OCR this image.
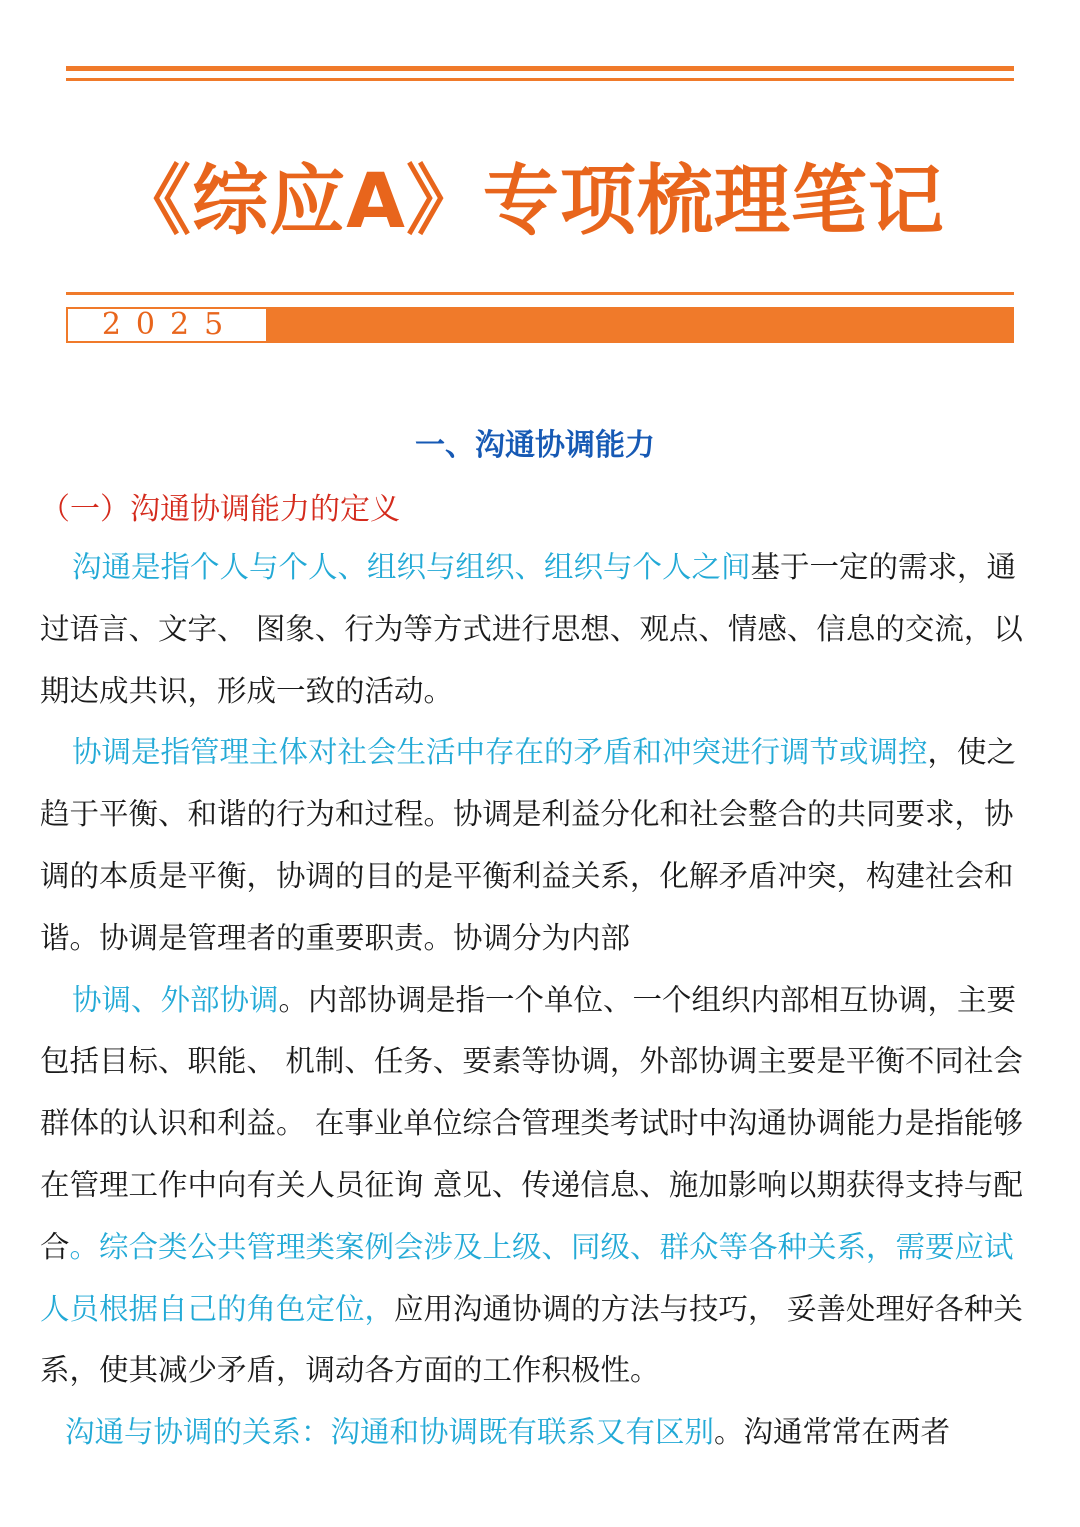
《综应A》专项梳理笔记
2025
一、沟通协调能力
（一）沟通协调能力的定义

沟通是指个人与个人、组织与组织、组织与个人之间基于一定的需求，通过语言、文字、 图象、行为等方式进行思想、观点、情感、信息的交流，以期达成共识，形成一致的活动。

协调是指管理主体对社会生活中存在的矛盾和冲突进行调节或调控，使之趋于平衡、和谐的行为和过程。协调是利益分化和社会整合的共同要求，协调的本质是平衡，协调的目的是平衡利益关系，化解矛盾冲突，构建社会和谐。协调是管理者的重要职责。协调分为内部

协调、外部协调。内部协调是指一个单位、一个组织内部相互协调，主要包括目标、职能、 机制、任务、要素等协调，外部协调主要是平衡不同社会群体的认识和利益。 在事业单位综合管理类考试时中沟通协调能力是指能够在管理工作中向有关人员征询 意见、传递信息、施加影响以期获得支持与配合。综合类公共管理类案例会涉及上级、同级、群众等各种关系，需要应试人员根据自己的角色定位，应用沟通协调的方法与技巧， 妥善处理好各种关系，使其减少矛盾，调动各方面的工作积极性。

沟通与协调的关系：沟通和协调既有联系又有区别。沟通常常在两者
